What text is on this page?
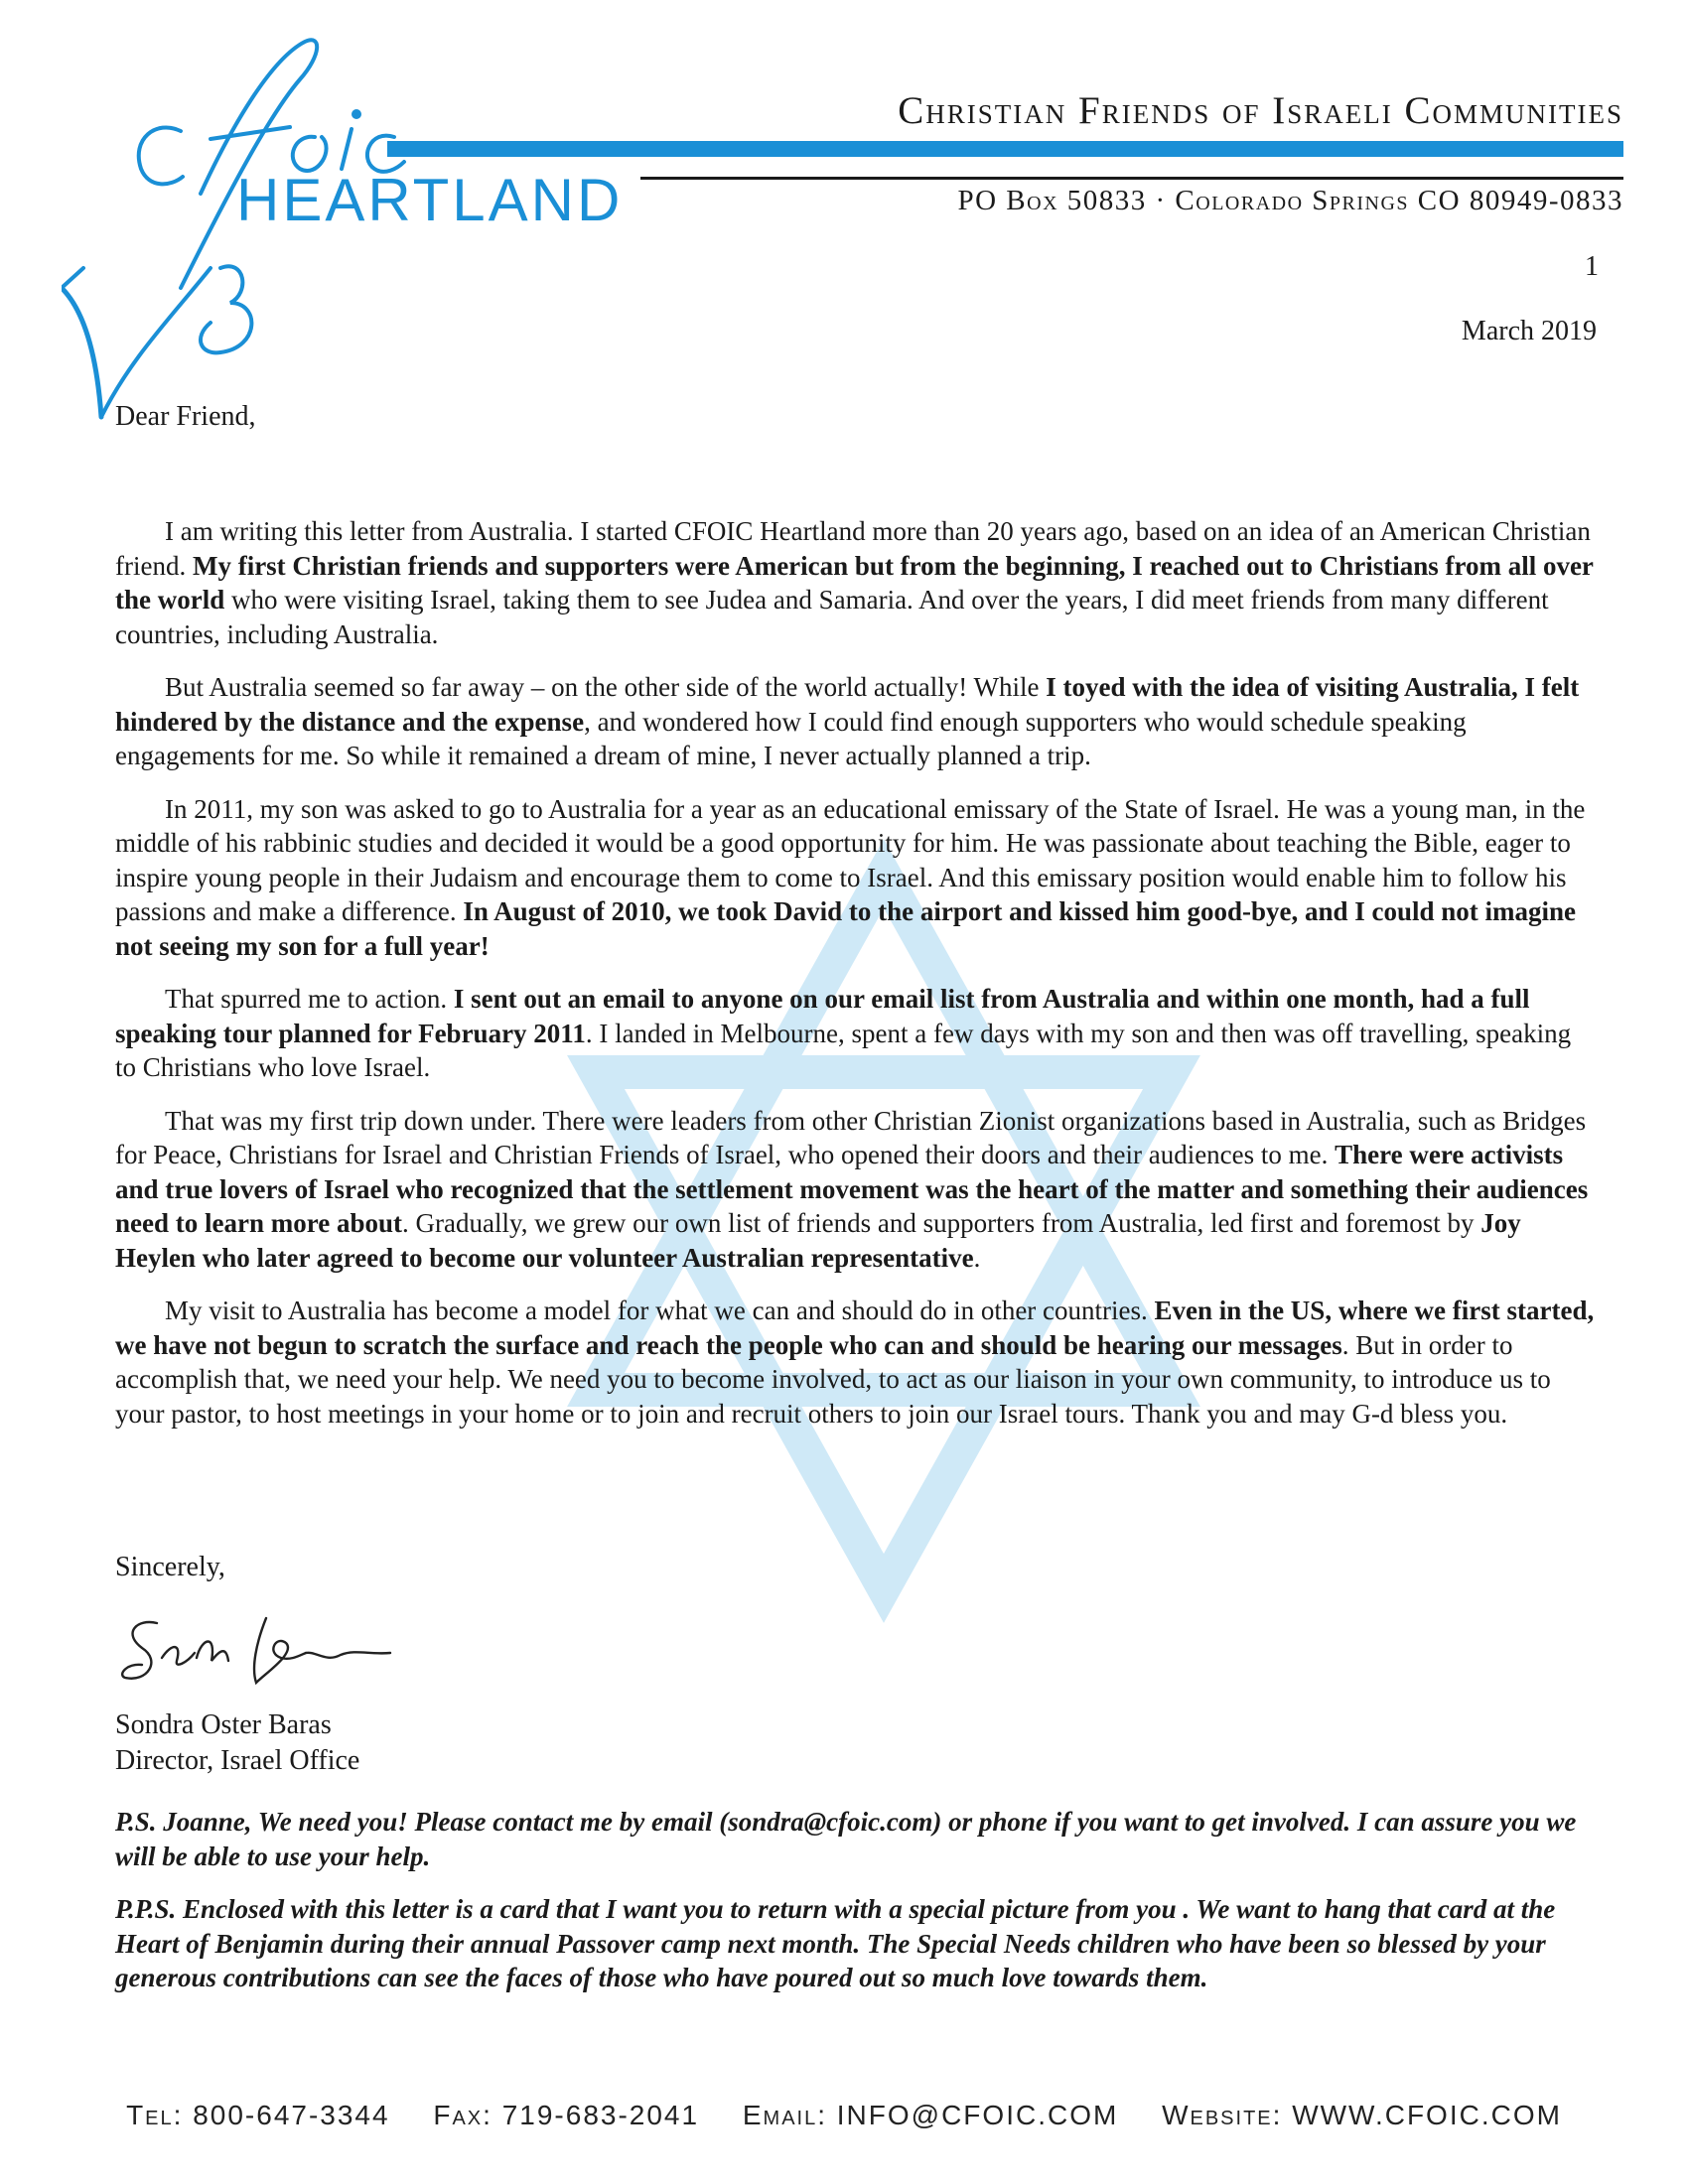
HEARTLAND
Christian Friends of Israeli Communities
PO Box 50833 · Colorado Springs CO 80949-0833
1
March 2019
Dear Friend,

I am writing this letter from Australia. I started CFOIC Heartland more than 20 years ago, based on an idea of an American Christian friend. My first Christian friends and supporters were American but from the beginning, I reached out to Christians from all over the world who were visiting Israel, taking them to see Judea and Samaria. And over the years, I did meet friends from many different countries, including Australia.

But Australia seemed so far away – on the other side of the world actually! While I toyed with the idea of visiting Australia, I felt hindered by the distance and the expense, and wondered how I could find enough supporters who would schedule speaking engagements for me. So while it remained a dream of mine, I never actually planned a trip.

In 2011, my son was asked to go to Australia for a year as an educational emissary of the State of Israel. He was a young man, in the middle of his rabbinic studies and decided it would be a good opportunity for him. He was passionate about teaching the Bible, eager to inspire young people in their Judaism and encourage them to come to Israel. And this emissary position would enable him to follow his passions and make a difference. In August of 2010, we took David to the airport and kissed him good-bye, and I could not imagine not seeing my son for a full year!

That spurred me to action. I sent out an email to anyone on our email list from Australia and within one month, had a full speaking tour planned for February 2011. I landed in Melbourne, spent a few days with my son and then was off travelling, speaking to Christians who love Israel.

That was my first trip down under. There were leaders from other Christian Zionist organizations based in Australia, such as Bridges for Peace, Christians for Israel and Christian Friends of Israel, who opened their doors and their audiences to me. There were activists and true lovers of Israel who recognized that the settlement movement was the heart of the matter and something their audiences need to learn more about. Gradually, we grew our own list of friends and supporters from Australia, led first and foremost by Joy Heylen who later agreed to become our volunteer Australian representative.

My visit to Australia has become a model for what we can and should do in other countries. Even in the US, where we first started, we have not begun to scratch the surface and reach the people who can and should be hearing our messages. But in order to accomplish that, we need your help. We need you to become involved, to act as our liaison in your own community, to introduce us to your pastor, to host meetings in your home or to join and recruit others to join our Israel tours. Thank you and may G-d bless you.

Sincerely,
Sondra Oster Baras
Director, Israel Office

P.S. Joanne, We need you! Please contact me by email (sondra@cfoic.com) or phone if you want to get involved. I can assure you we will be able to use your help.

P.P.S. Enclosed with this letter is a card that I want you to return with a special picture from you . We want to hang that card at the Heart of Benjamin during their annual Passover camp next month. The Special Needs children who have been so blessed by your generous contributions can see the faces of those who have poured out so much love towards them.

Tel: 800-647-3344 Fax: 719-683-2041 Email: INFO@CFOIC.COM Website: WWW.CFOIC.COM
